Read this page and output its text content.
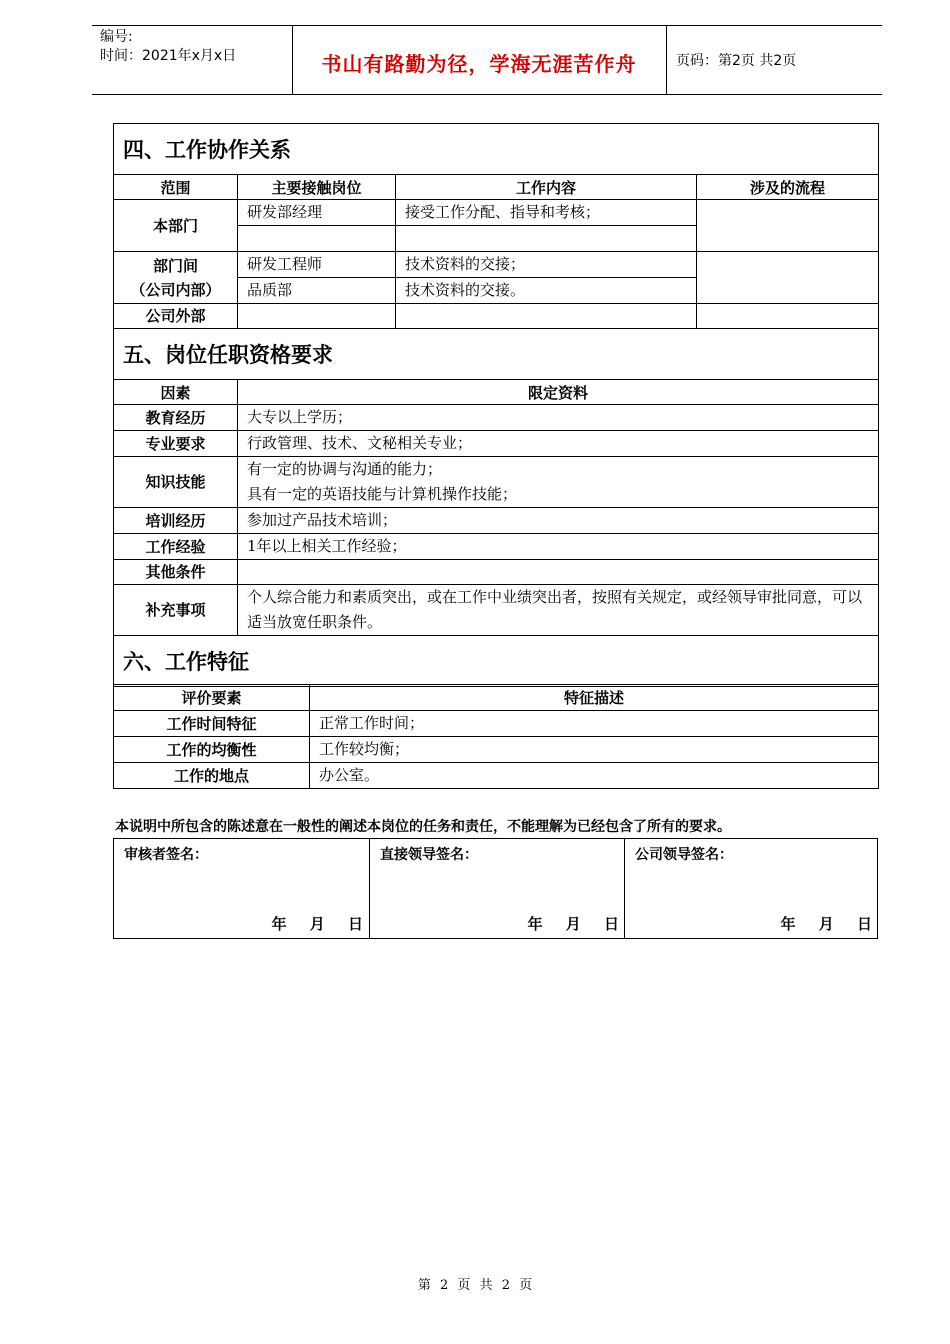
编号:
时间：2021年x月x日	书山有路勤为径，学海无涯苦作舟	页码：第2页 共2页
四、工作协作关系			
范围	主要接触岗位	工作内容	涉及的流程
本部门	研发部经理	接受工作分配、指导和考核；	

部门间
（公司内部）	研发工程师	技术资料的交接；	
	品质部	技术资料的交接。	
公司外部			
五、岗位任职资格要求			
因素	限定资料		
教育经历	大专以上学历；		
专业要求	行政管理、技术、文秘相关专业；		
知识技能	有一定的协调与沟通的能力；
具有一定的英语技能与计算机操作技能；		

培训经历	参加过产品技术培训；		
工作经验	1年以上相关工作经验；		
其他条件			
补充事项	个人综合能力和素质突出，或在工作中业绩突出者，按照有关规定，或经领导审批同意，可以适当放宽任职条件。		
六、工作特征			
评价要素	特征描述
工作时间特征	正常工作时间；
工作的均衡性	工作较均衡；
工作的地点	办公室。
本说明中所包含的陈述意在一般性的阐述本岗位的任务和责任，不能理解为已经包含了所有的要求。
审核者签名：
年 月 日
直接领导签名：
年 月 日
公司领导签名：
年 月 日
第 2 页 共 2 页
